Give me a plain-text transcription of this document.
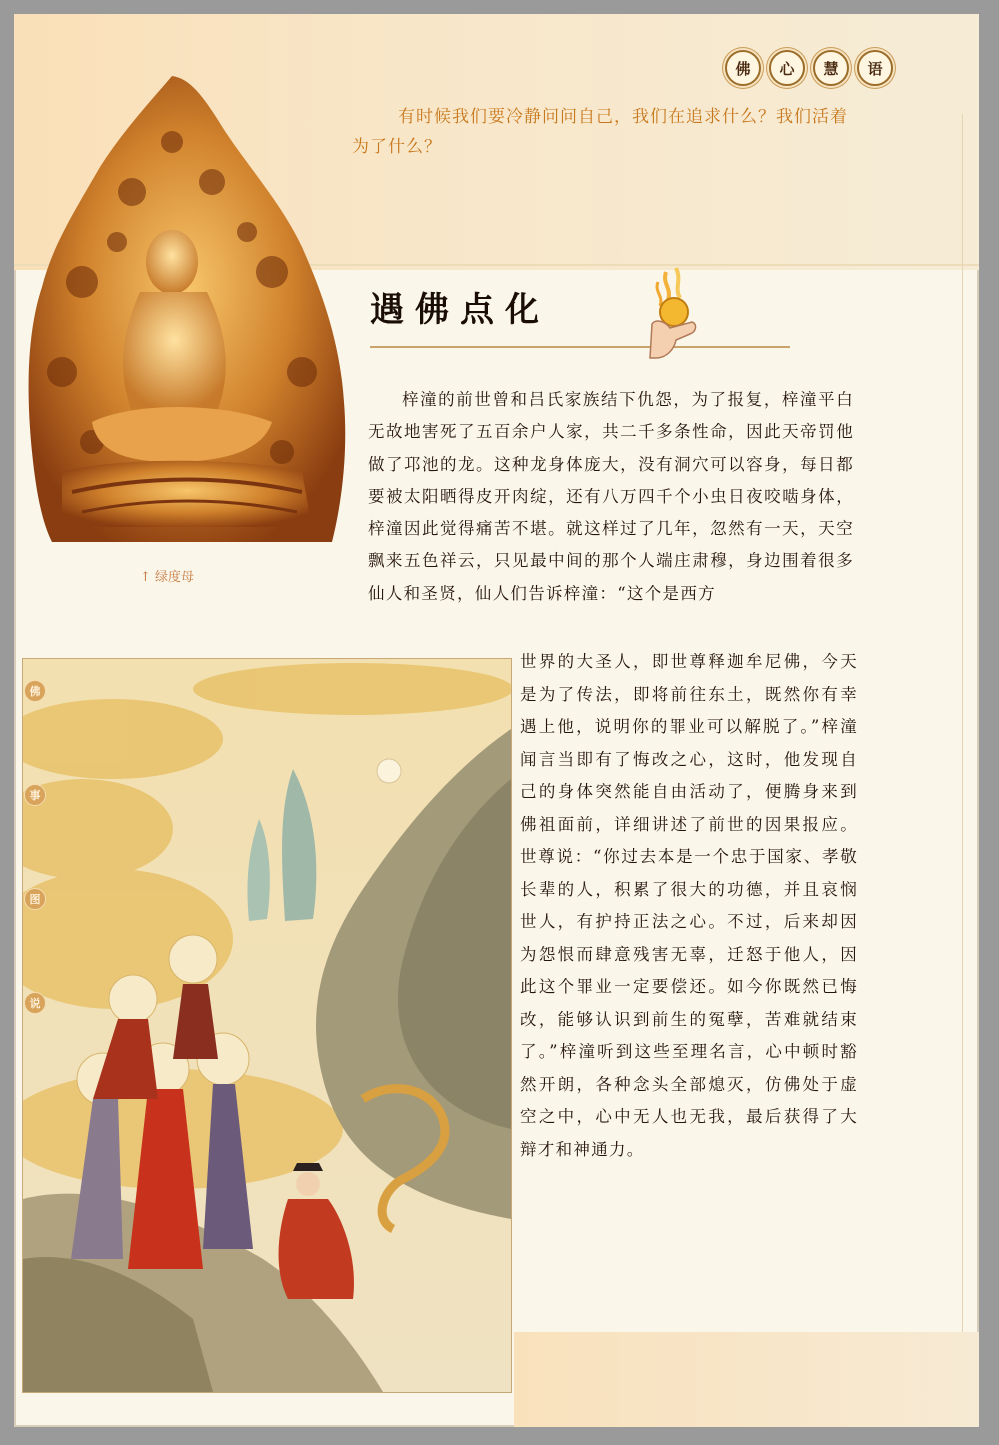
佛	心	慧	语

有时候我们要冷静问问自己，我们在追求什么？我们活着为了什么？

↑ 绿度母
遇佛点化

梓潼的前世曾和吕氏家族结下仇怨，为了报复，梓潼平白无故地害死了五百余户人家，共二千多条性命，因此天帝罚他做了邛池的龙。这种龙身体庞大，没有洞穴可以容身，每日都要被太阳晒得皮开肉绽，还有八万四千个小虫日夜咬啮身体，梓潼因此觉得痛苦不堪。就这样过了几年，忽然有一天，天空飘来五色祥云，只见最中间的那个人端庄肃穆，身边围着很多仙人和圣贤，仙人们告诉梓潼：“这个是西方

世界的大圣人，即世尊释迦牟尼佛，今天是为了传法，即将前往东土，既然你有幸遇上他，说明你的罪业可以解脱了。”梓潼闻言当即有了悔改之心，这时，他发现自己的身体突然能自由活动了，便腾身来到佛祖面前，详细讲述了前世的因果报应。世尊说：“你过去本是一个忠于国家、孝敬长辈的人，积累了很大的功德，并且哀悯世人，有护持正法之心。不过，后来却因为怨恨而肆意残害无辜，迁怒于他人，因此这个罪业一定要偿还。如今你既然已悔改，能够认识到前生的冤孽，苦难就结束了。”梓潼听到这些至理名言，心中顿时豁然开朗，各种念头全部熄灭，仿佛处于虚空之中，心中无人也无我，最后获得了大辩才和神通力。

佛
事
图
说
